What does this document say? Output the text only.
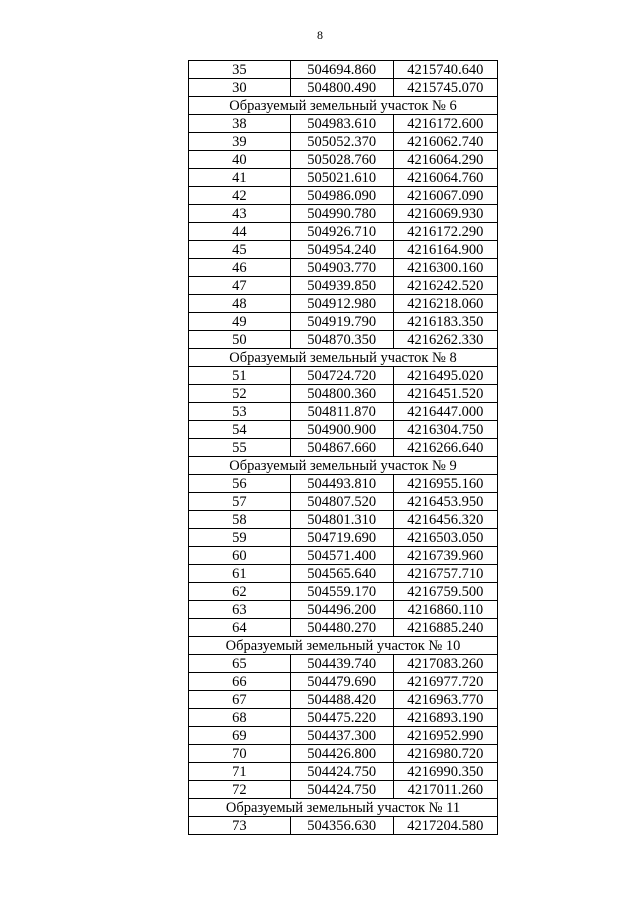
8
35	504694.860	4215740.640
30	504800.490	4215745.070
Образуемый земельный участок № 6		
38	504983.610	4216172.600
39	505052.370	4216062.740
40	505028.760	4216064.290
41	505021.610	4216064.760
42	504986.090	4216067.090
43	504990.780	4216069.930
44	504926.710	4216172.290
45	504954.240	4216164.900
46	504903.770	4216300.160
47	504939.850	4216242.520
48	504912.980	4216218.060
49	504919.790	4216183.350
50	504870.350	4216262.330
Образуемый земельный участок № 8		
51	504724.720	4216495.020
52	504800.360	4216451.520
53	504811.870	4216447.000
54	504900.900	4216304.750
55	504867.660	4216266.640
Образуемый земельный участок № 9		
56	504493.810	4216955.160
57	504807.520	4216453.950
58	504801.310	4216456.320
59	504719.690	4216503.050
60	504571.400	4216739.960
61	504565.640	4216757.710
62	504559.170	4216759.500
63	504496.200	4216860.110
64	504480.270	4216885.240
Образуемый земельный участок № 10		
65	504439.740	4217083.260
66	504479.690	4216977.720
67	504488.420	4216963.770
68	504475.220	4216893.190
69	504437.300	4216952.990
70	504426.800	4216980.720
71	504424.750	4216990.350
72	504424.750	4217011.260
Образуемый земельный участок № 11		
73	504356.630	4217204.580
